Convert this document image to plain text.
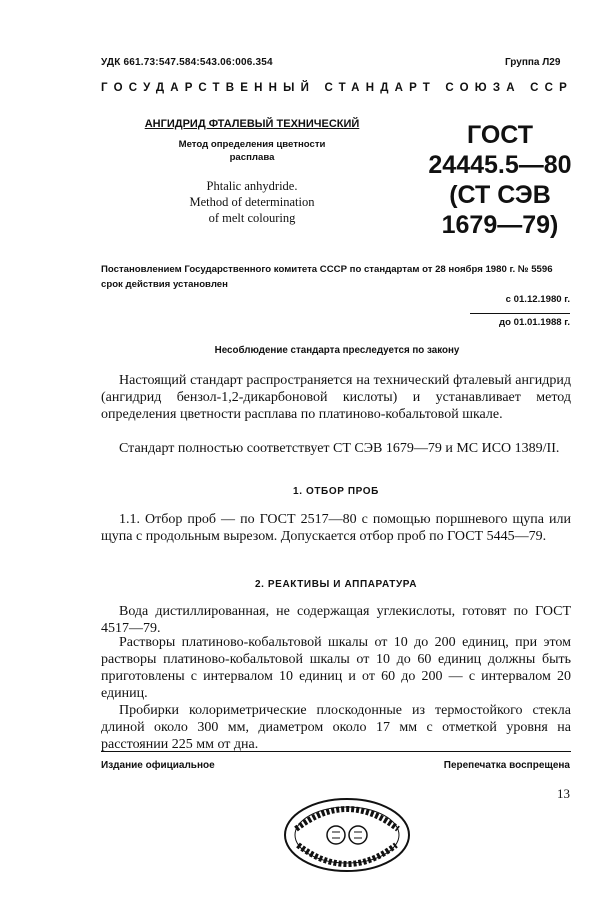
УДК 661.73:547.584:543.06:006.354	Группа Л29
ГОСУДАРСТВЕННЫЙ СТАНДАРТ СОЮЗА ССР
АНГИДРИД ФТАЛЕВЫЙ ТЕХНИЧЕСКИЙ
Метод определения цветности
расплава
Phtalic anhydride.
Method of determination
of melt colouring
ГОСТ
24445.5—80
(СТ СЭВ
1679—79)
Постановлением Государственного комитета СССР по стандартам от 28 ноября 1980 г. № 5596 срок действия установлен
с 01.12.1980 г.
до 01.01.1988 г.
Несоблюдение стандарта преследуется по закону

Настоящий стандарт распространяется на технический фталевый ангидрид (ангидрид бензол-1,2-дикарбоновой кислоты) и устанавливает метод определения цветности расплава по платиново-кобальтовой шкале.

Стандарт полностью соответствует СТ СЭВ 1679—79 и МС ИСО 1389/II.

1. ОТБОР ПРОБ

1.1. Отбор проб — по ГОСТ 2517—80 с помощью поршневого щупа или щупа с продольным вырезом. Допускается отбор проб по ГОСТ 5445—79.

2. РЕАКТИВЫ И АППАРАТУРА

Вода дистиллированная, не содержащая углекислоты, готовят по ГОСТ 4517—79.

Растворы платиново-кобальтовой шкалы от 10 до 200 единиц, при этом растворы платиново-кобальтовой шкалы от 10 до 60 единиц должны быть приготовлены с интервалом 10 единиц и от 60 до 200 — с интервалом 20 единиц.

Пробирки колориметрические плоскодонные из термостойкого стекла длиной около 300 мм, диаметром около 17 мм с отметкой уровня на расстоянии 225 мм от дна.

Издание официальное	Перепечатка воспрещена
13
